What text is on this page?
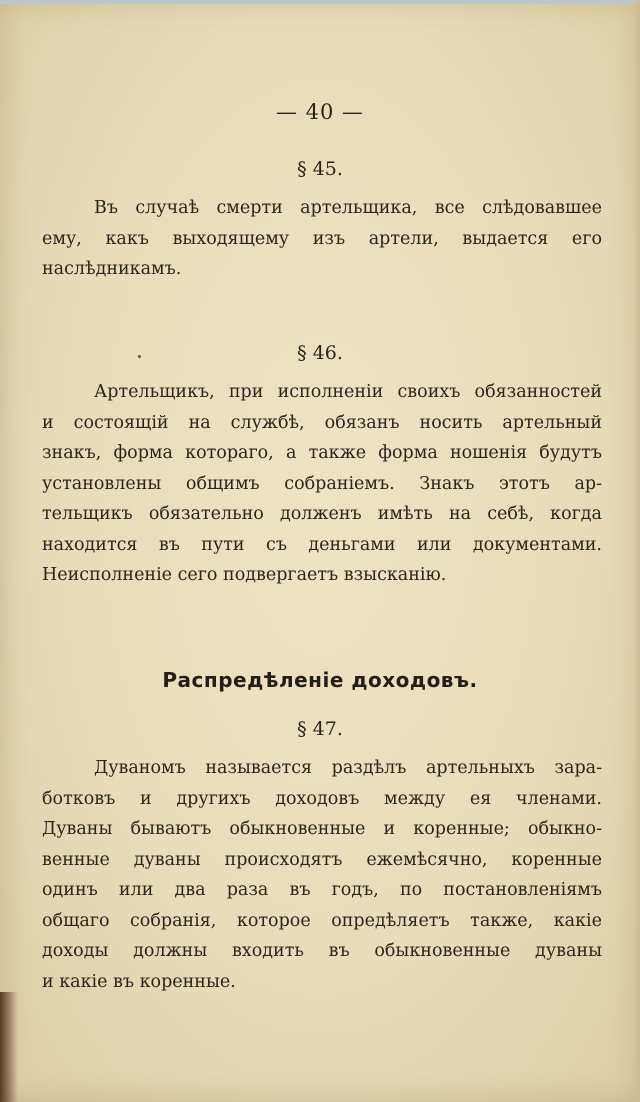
— 40 —
§ 45.
Въ случаѣ смерти артельщика, все слѣдовавшее
ему, какъ выходящему изъ артели, выдается его
наслѣдникамъ.
§ 46.
Артельщикъ, при исполненіи своихъ обязанностей
и состоящій на службѣ, обязанъ носить артельный
знакъ, форма котораго, а также форма ношенія будутъ
установлены общимъ собраніемъ. Знакъ этотъ ар-
тельщикъ обязательно долженъ имѣть на себѣ, когда
находится въ пути съ деньгами или документами.
Неисполненіе сего подвергаетъ взысканію.
Распредѣленіе доходовъ.
§ 47.
Дуваномъ называется раздѣлъ артельныхъ зара-
ботковъ и другихъ доходовъ между ея членами.
Дуваны бываютъ обыкновенные и коренные; обыкно-
венные дуваны происходятъ ежемѣсячно, коренные
одинъ или два раза въ годъ, по постановленіямъ
общаго собранія, которое опредѣляетъ также, какіе
доходы должны входить въ обыкновенные дуваны
и какіе въ коренные.
